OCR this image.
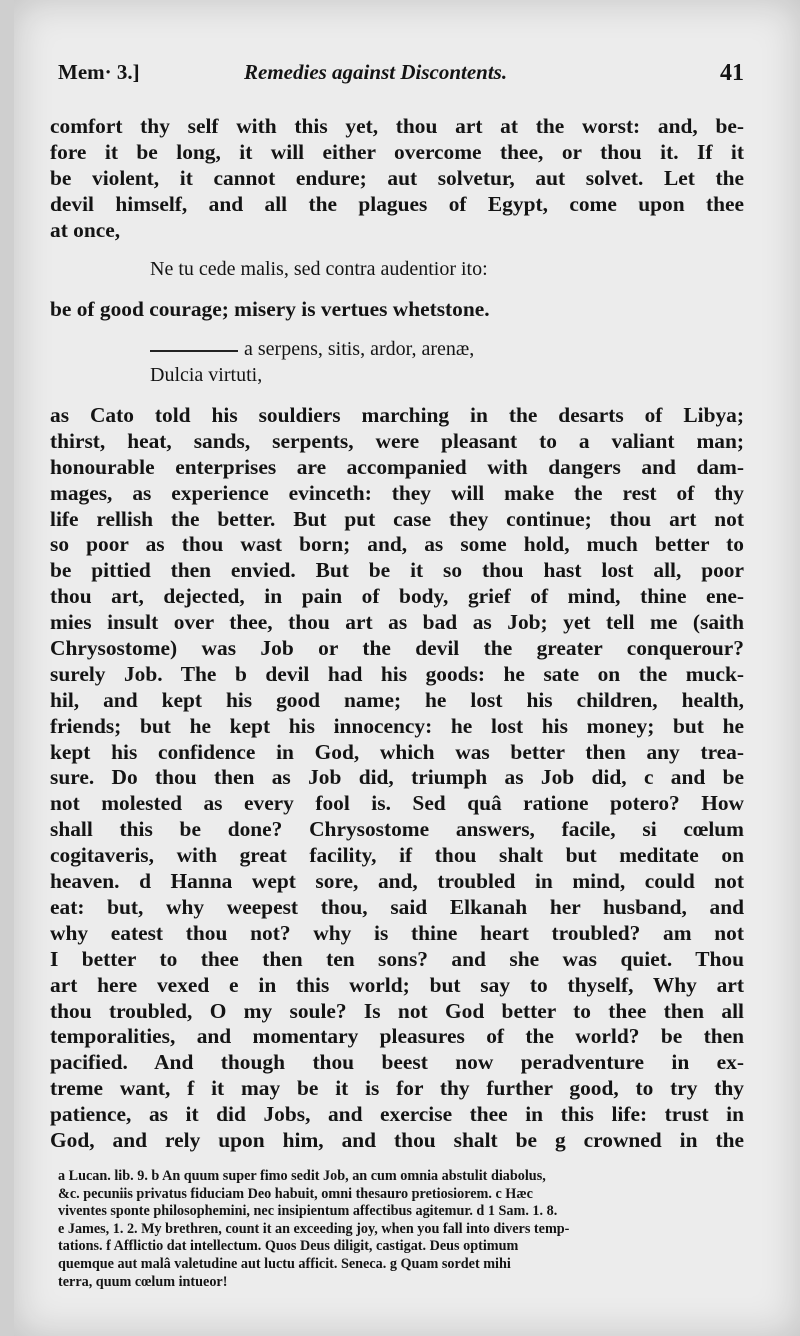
Mem· 3.]	Remedies against Discontents.	41
comfort thy self with this yet, thou art at the worst: and, be-
fore it be long, it will either overcome thee, or thou it. If it
be violent, it cannot endure; aut solvetur, aut solvet. Let the
devil himself, and all the plagues of Egypt, come upon thee
at once,
Ne tu cede malis, sed contra audentior ito:
be of good courage; misery is vertues whetstone.
a serpens, sitis, ardor, arenæ,
Dulcia virtuti,
as Cato told his souldiers marching in the desarts of Libya;
thirst, heat, sands, serpents, were pleasant to a valiant man;
honourable enterprises are accompanied with dangers and dam-
mages, as experience evinceth: they will make the rest of thy
life rellish the better. But put case they continue; thou art not
so poor as thou wast born; and, as some hold, much better to
be pittied then envied. But be it so thou hast lost all, poor
thou art, dejected, in pain of body, grief of mind, thine ene-
mies insult over thee, thou art as bad as Job; yet tell me (saith
Chrysostome) was Job or the devil the greater conquerour?
surely Job. The b devil had his goods: he sate on the muck-
hil, and kept his good name; he lost his children, health,
friends; but he kept his innocency: he lost his money; but he
kept his confidence in God, which was better then any trea-
sure. Do thou then as Job did, triumph as Job did, c and be
not molested as every fool is. Sed quâ ratione potero? How
shall this be done? Chrysostome answers, facile, si cœlum
cogitaveris, with great facility, if thou shalt but meditate on
heaven. d Hanna wept sore, and, troubled in mind, could not
eat: but, why weepest thou, said Elkanah her husband, and
why eatest thou not? why is thine heart troubled? am not
I better to thee then ten sons? and she was quiet. Thou
art here vexed e in this world; but say to thyself, Why art
thou troubled, O my soule? Is not God better to thee then all
temporalities, and momentary pleasures of the world? be then
pacified. And though thou beest now peradventure in ex-
treme want, f it may be it is for thy further good, to try thy
patience, as it did Jobs, and exercise thee in this life: trust in
God, and rely upon him, and thou shalt be g crowned in the
a Lucan. lib. 9. b An quum super fimo sedit Job, an cum omnia abstulit diabolus,
&c. pecuniis privatus fiduciam Deo habuit, omni thesauro pretiosiorem. c Hæc
viventes sponte philosophemini, nec insipientum affectibus agitemur. d 1 Sam. 1. 8.
e James, 1. 2. My brethren, count it an exceeding joy, when you fall into divers temp-
tations. f Afflictio dat intellectum. Quos Deus diligit, castigat. Deus optimum
quemque aut malâ valetudine aut luctu afficit. Seneca. g Quam sordet mihi
terra, quum cœlum intueor!
